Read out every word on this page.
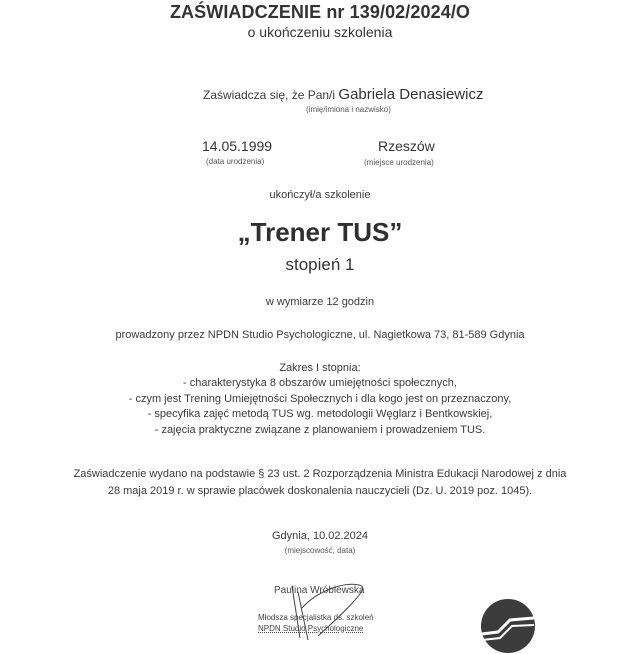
ZAŚWIADCZENIE nr 139/02/2024/O
o ukończeniu szkolenia
Zaświadcza się, że Pan/i Gabriela Denasiewicz
(imię/imiona i nazwisko)
14.05.1999
(data urodzenia)
Rzeszów
(miejsce urodzenia)
ukończył/a szkolenie
„Trener TUS”
stopień 1
w wymiarze 12 godzin
prowadzony przez NPDN Studio Psychologiczne, ul. Nagietkowa 73, 81-589 Gdynia
Zakres I stopnia:
- charakterystyka 8 obszarów umiejętności społecznych,
- czym jest Trening Umiejętności Społecznych i dla kogo jest on przeznaczony,
- specyfika zajęć metodą TUS wg. metodologii Węglarz i Bentkowskiej,
- zajęcia praktyczne związane z planowaniem i prowadzeniem TUS.
Zaświadczenie wydano na podstawie § 23 ust. 2 Rozporządzenia Ministra Edukacji Narodowej z dnia
28 maja 2019 r. w sprawie placówek doskonalenia nauczycieli (Dz. U. 2019 poz. 1045).
Gdynia, 10.02.2024
(miejscowość, data)
Paulina Wróblewska
Młodsza specjalistka ds. szkoleń
NPDN Studio Psychologiczne
